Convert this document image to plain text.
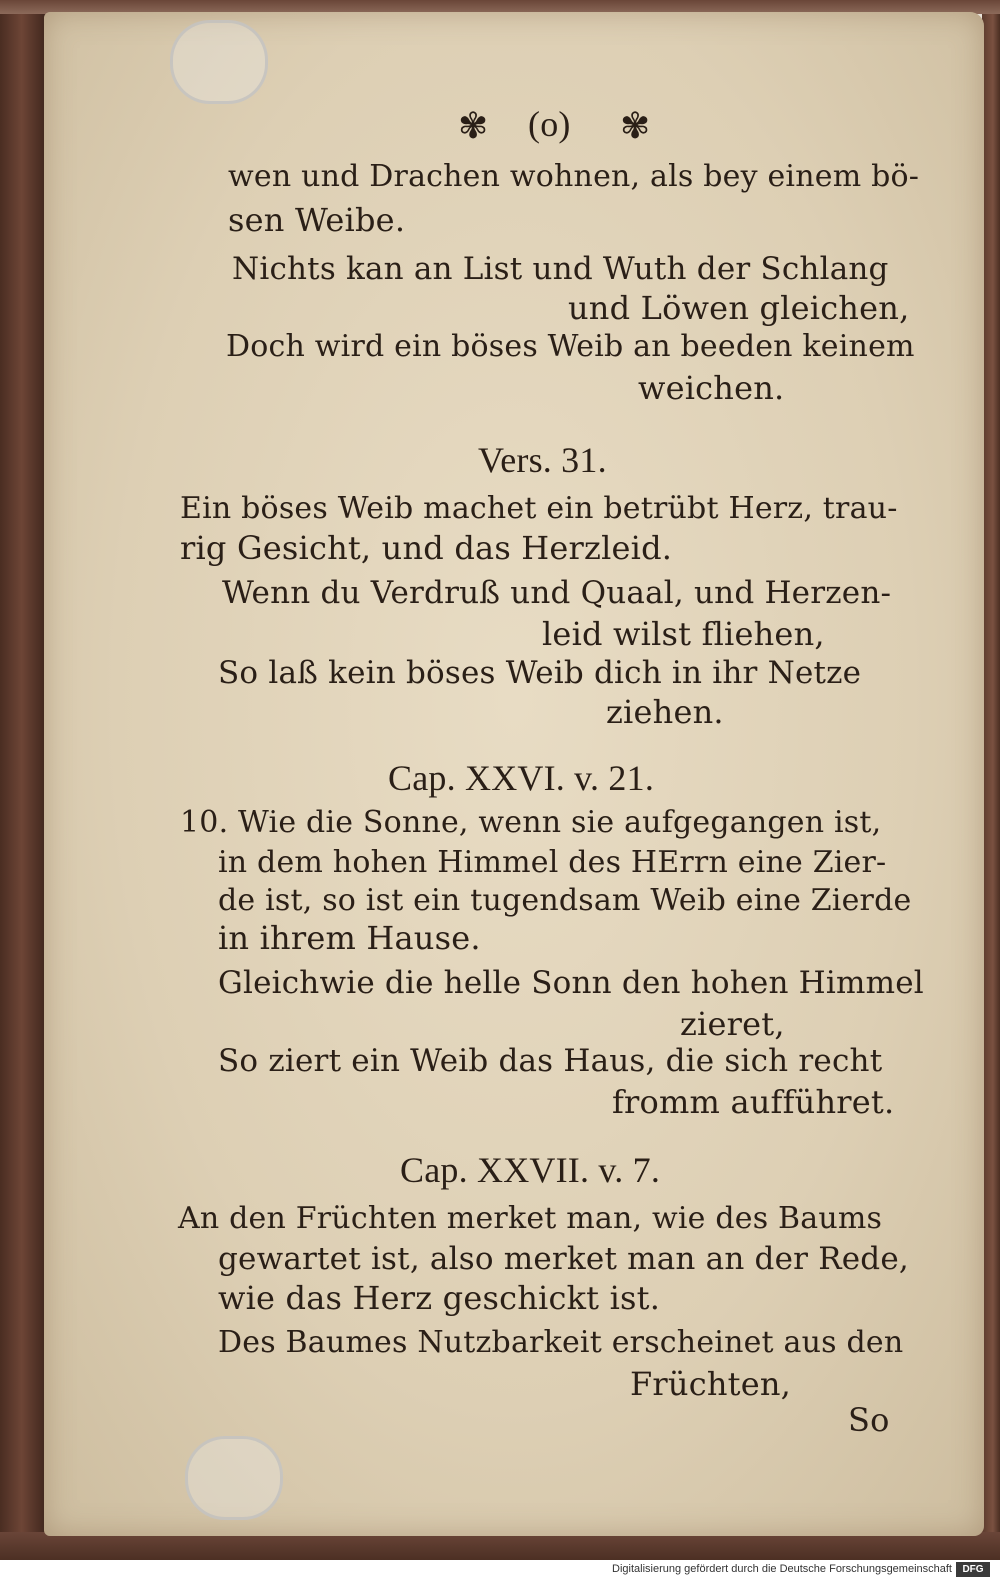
✾ (o) ✾
wen und Drachen wohnen, als bey einem bö-
sen Weibe.
Nichts kan an List und Wuth der Schlang
und Löwen gleichen,
Doch wird ein böses Weib an beeden keinem
weichen.
Vers. 31.
Ein böses Weib machet ein betrübt Herz, trau-
rig Gesicht, und das Herzleid.
Wenn du Verdruß und Quaal, und Herzen-
leid wilst fliehen,
So laß kein böses Weib dich in ihr Netze
ziehen.
Cap. XXVI. v. 21.
10. Wie die Sonne, wenn sie aufgegangen ist,
in dem hohen Himmel des HErrn eine Zier-
de ist, so ist ein tugendsam Weib eine Zierde
in ihrem Hause.
Gleichwie die helle Sonn den hohen Himmel
zieret,
So ziert ein Weib das Haus, die sich recht
fromm aufführet.
Cap. XXVII. v. 7.
An den Früchten merket man, wie des Baums
gewartet ist, also merket man an der Rede,
wie das Herz geschickt ist.
Des Baumes Nutzbarkeit erscheinet aus den
Früchten,
So
Digitalisierung gefördert durch die Deutsche Forschungsgemeinschaft	DFG
